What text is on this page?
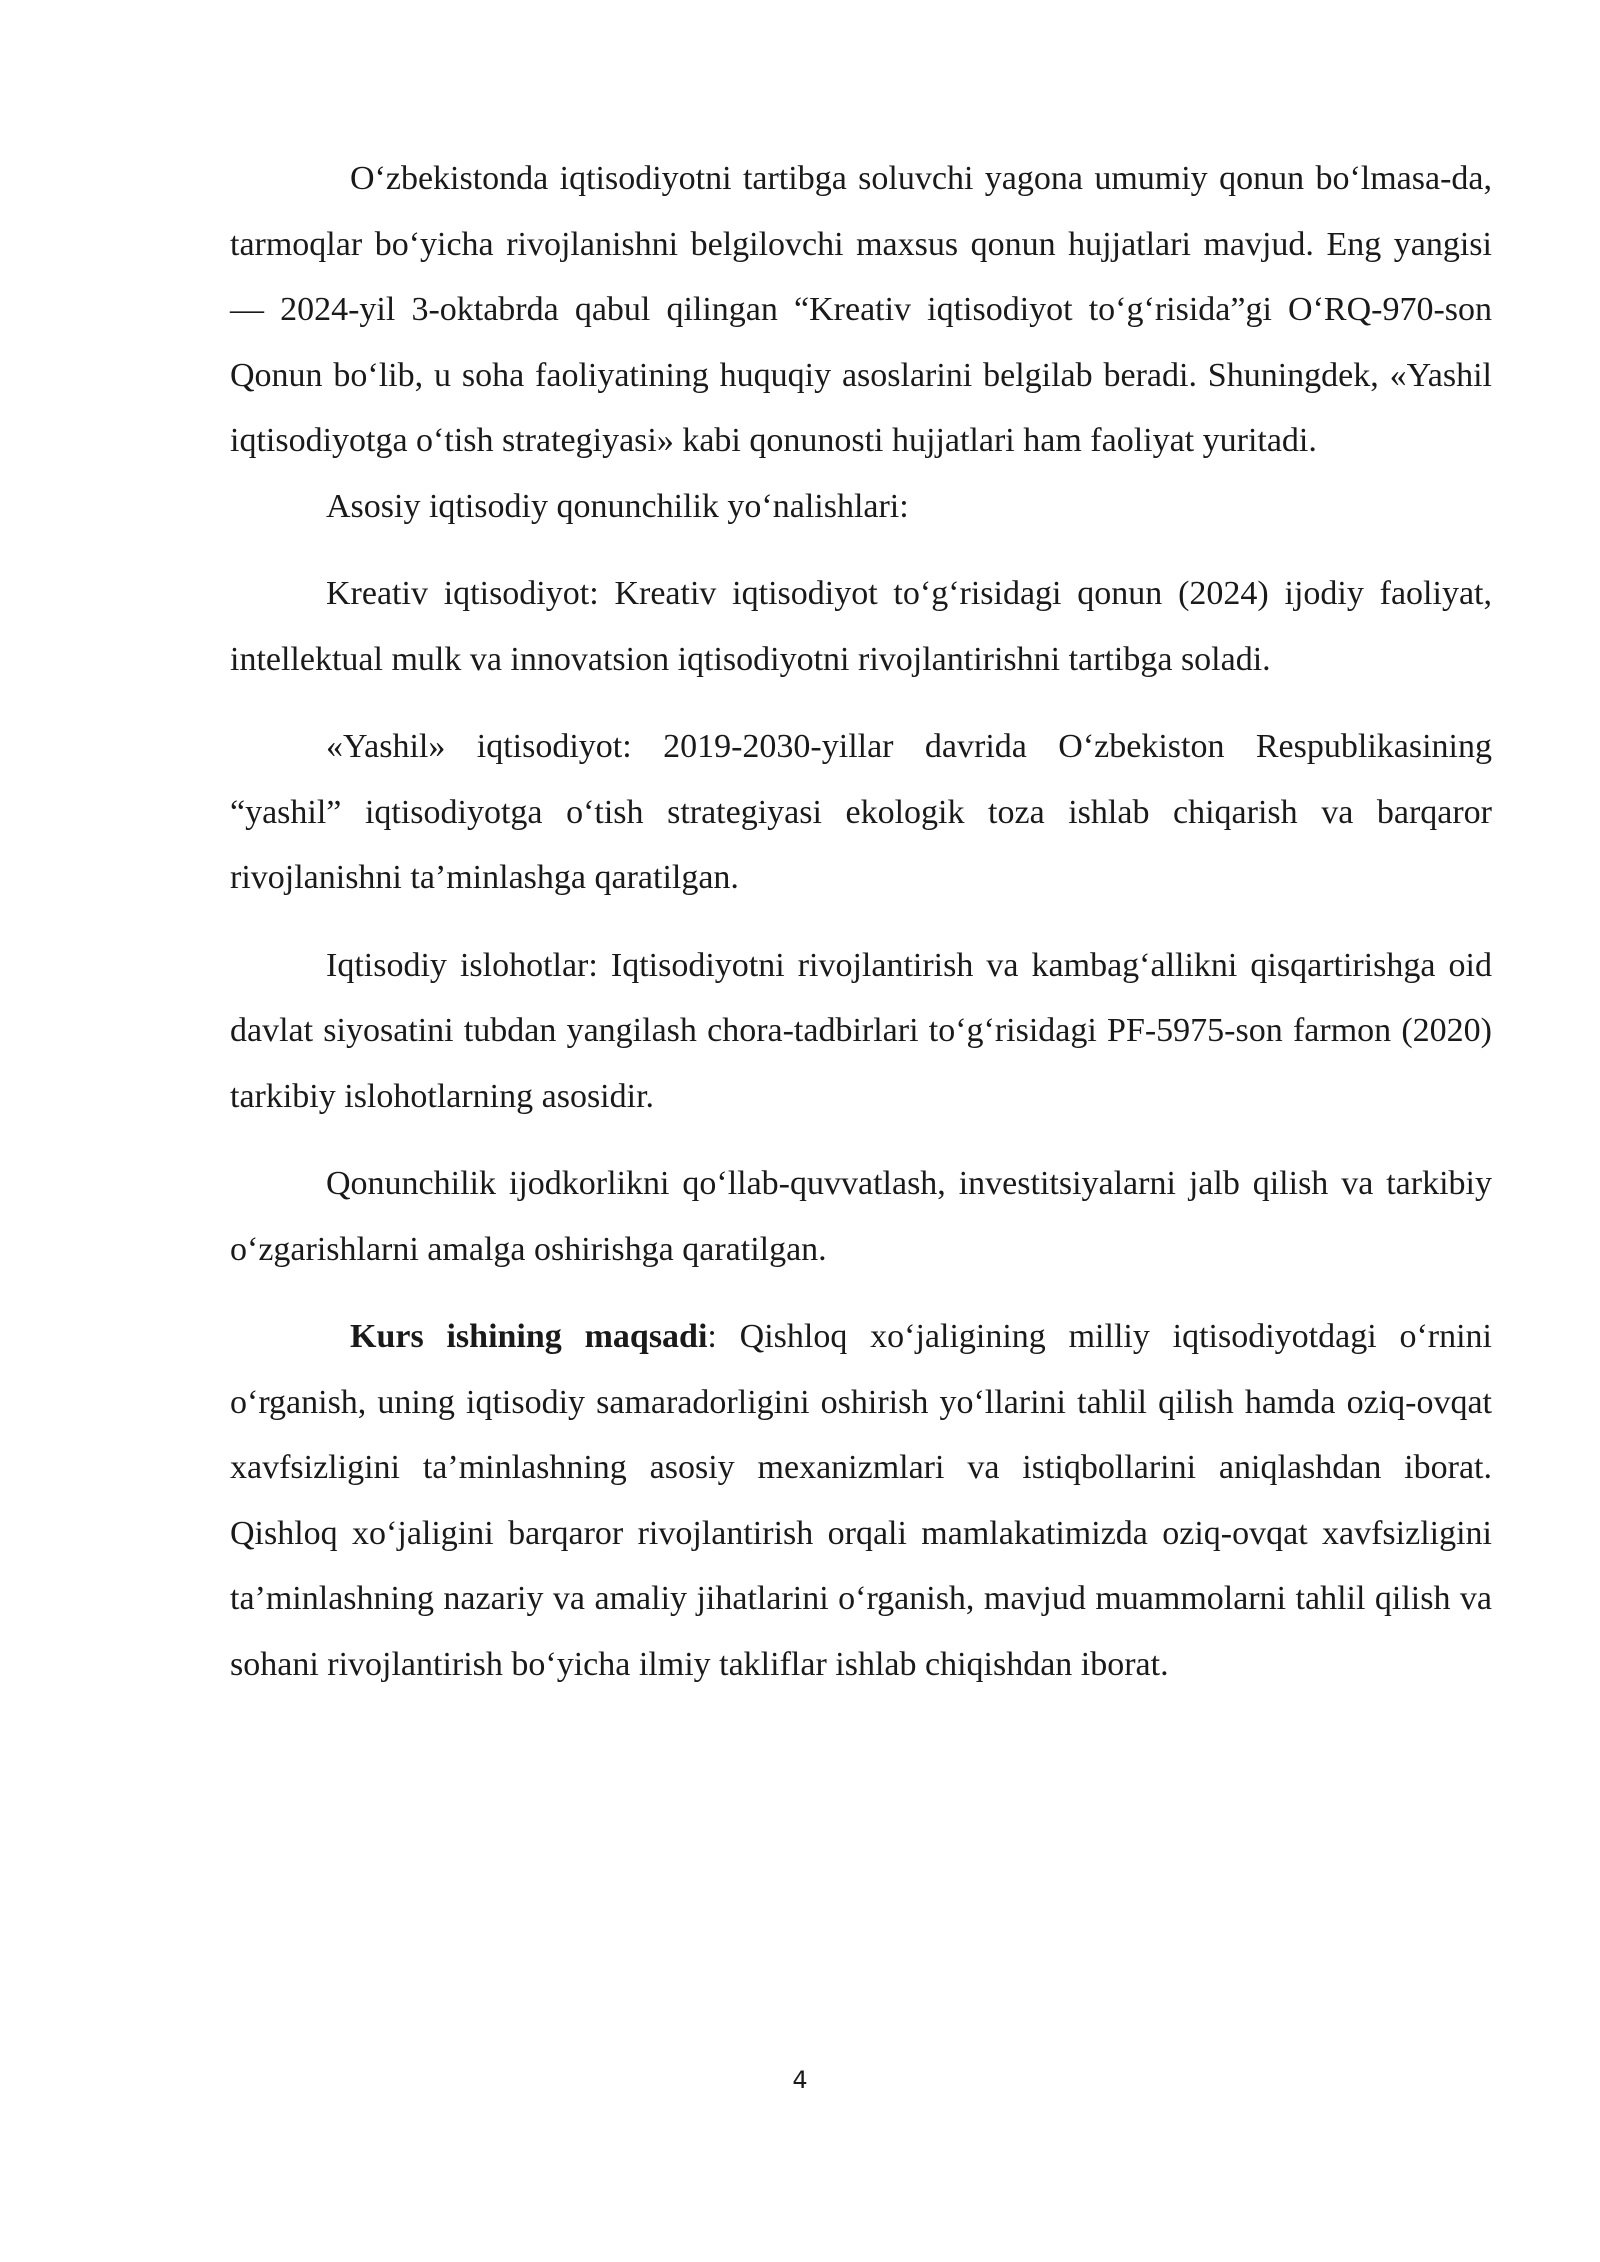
O‘zbekistonda iqtisodiyotni tartibga soluvchi yagona umumiy qonun bo‘lmasa-da, tarmoqlar bo‘yicha rivojlanishni belgilovchi maxsus qonun hujjatlari mavjud. Eng yangisi — 2024-yil 3-oktabrda qabul qilingan “Kreativ iqtisodiyot to‘g‘risida”gi O‘RQ-970-son Qonun bo‘lib, u soha faoliyatining huquqiy asoslarini belgilab beradi. Shuningdek, «Yashil iqtisodiyotga o‘tish strategiyasi» kabi qonunosti hujjatlari ham faoliyat yuritadi.

Asosiy iqtisodiy qonunchilik yo‘nalishlari:

Kreativ iqtisodiyot: Kreativ iqtisodiyot to‘g‘risidagi qonun (2024) ijodiy faoliyat, intellektual mulk va innovatsion iqtisodiyotni rivojlantirishni tartibga soladi.

«Yashil» iqtisodiyot: 2019-2030-yillar davrida O‘zbekiston Respublikasining “yashil” iqtisodiyotga o‘tish strategiyasi ekologik toza ishlab chiqarish va barqaror rivojlanishni ta’minlashga qaratilgan.

Iqtisodiy islohotlar: Iqtisodiyotni rivojlantirish va kambag‘allikni qisqartirishga oid davlat siyosatini tubdan yangilash chora-tadbirlari to‘g‘risidagi PF-5975-son farmon (2020) tarkibiy islohotlarning asosidir.

Qonunchilik ijodkorlikni qo‘llab-quvvatlash, investitsiyalarni jalb qilish va tarkibiy o‘zgarishlarni amalga oshirishga qaratilgan.

Kurs ishining maqsadi: Qishloq xo‘jaligining milliy iqtisodiyotdagi o‘rnini o‘rganish, uning iqtisodiy samaradorligini oshirish yo‘llarini tahlil qilish hamda oziq-ovqat xavfsizligini ta’minlashning asosiy mexanizmlari va istiqbollarini aniqlashdan iborat. Qishloq xo‘jaligini barqaror rivojlantirish orqali mamlakatimizda oziq-ovqat xavfsizligini ta’minlashning nazariy va amaliy jihatlarini o‘rganish, mavjud muammolarni tahlil qilish va sohani rivojlantirish bo‘yicha ilmiy takliflar ishlab chiqishdan iborat.

4
